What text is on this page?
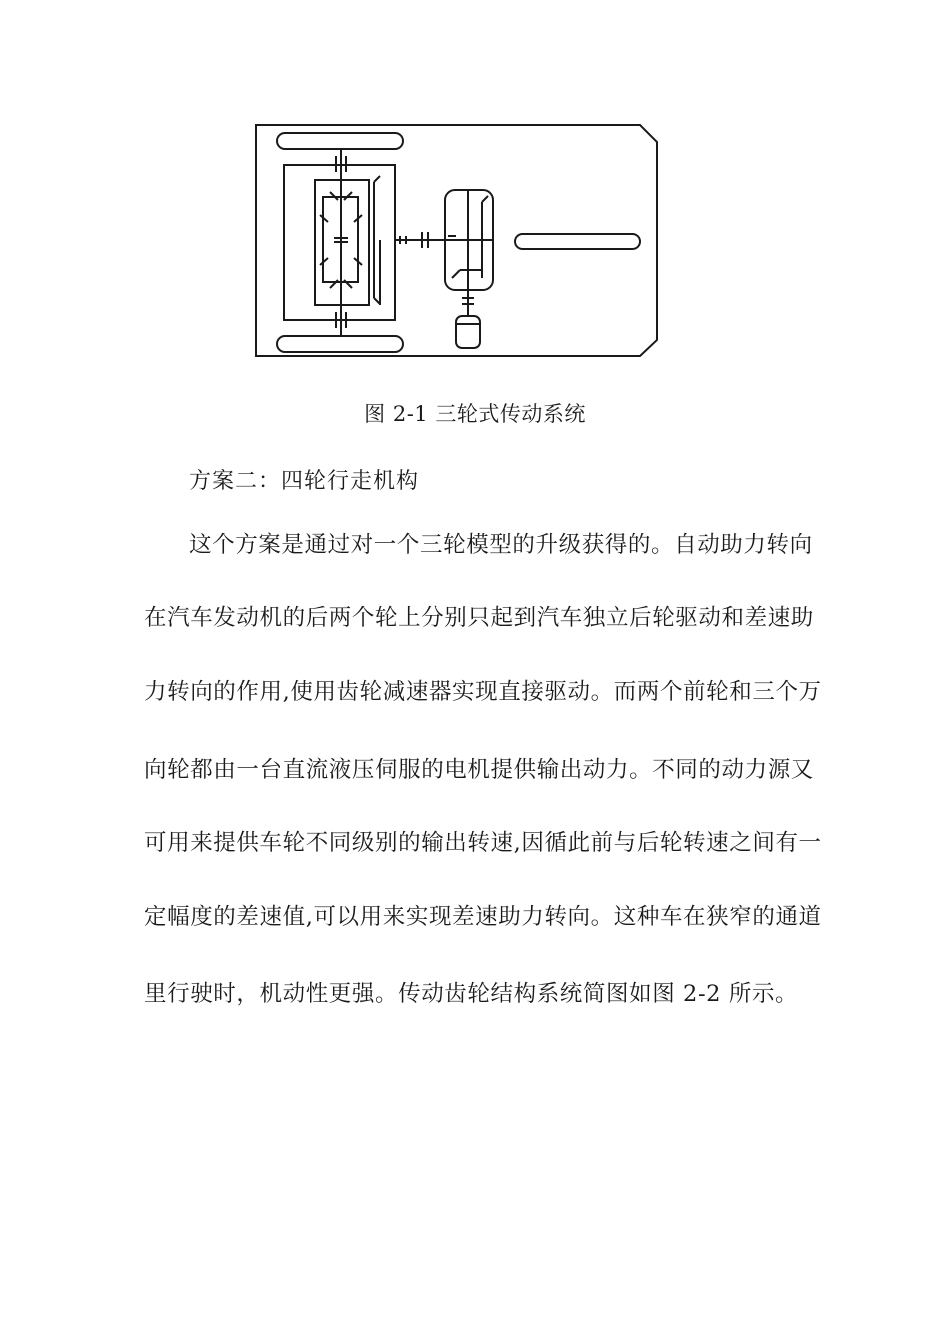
图 2-1 三轮式传动系统
方案二：四轮行走机构
这个方案是通过对一个三轮模型的升级获得的。自动助力转向
在汽车发动机的后两个轮上分别只起到汽车独立后轮驱动和差速助
力转向的作用,使用齿轮减速器实现直接驱动。而两个前轮和三个万
向轮都由一台直流液压伺服的电机提供输出动力。不同的动力源又
可用来提供车轮不同级别的输出转速,因循此前与后轮转速之间有一
定幅度的差速值,可以用来实现差速助力转向。这种车在狭窄的通道
里行驶时，机动性更强。传动齿轮结构系统简图如图 2-2 所示。
